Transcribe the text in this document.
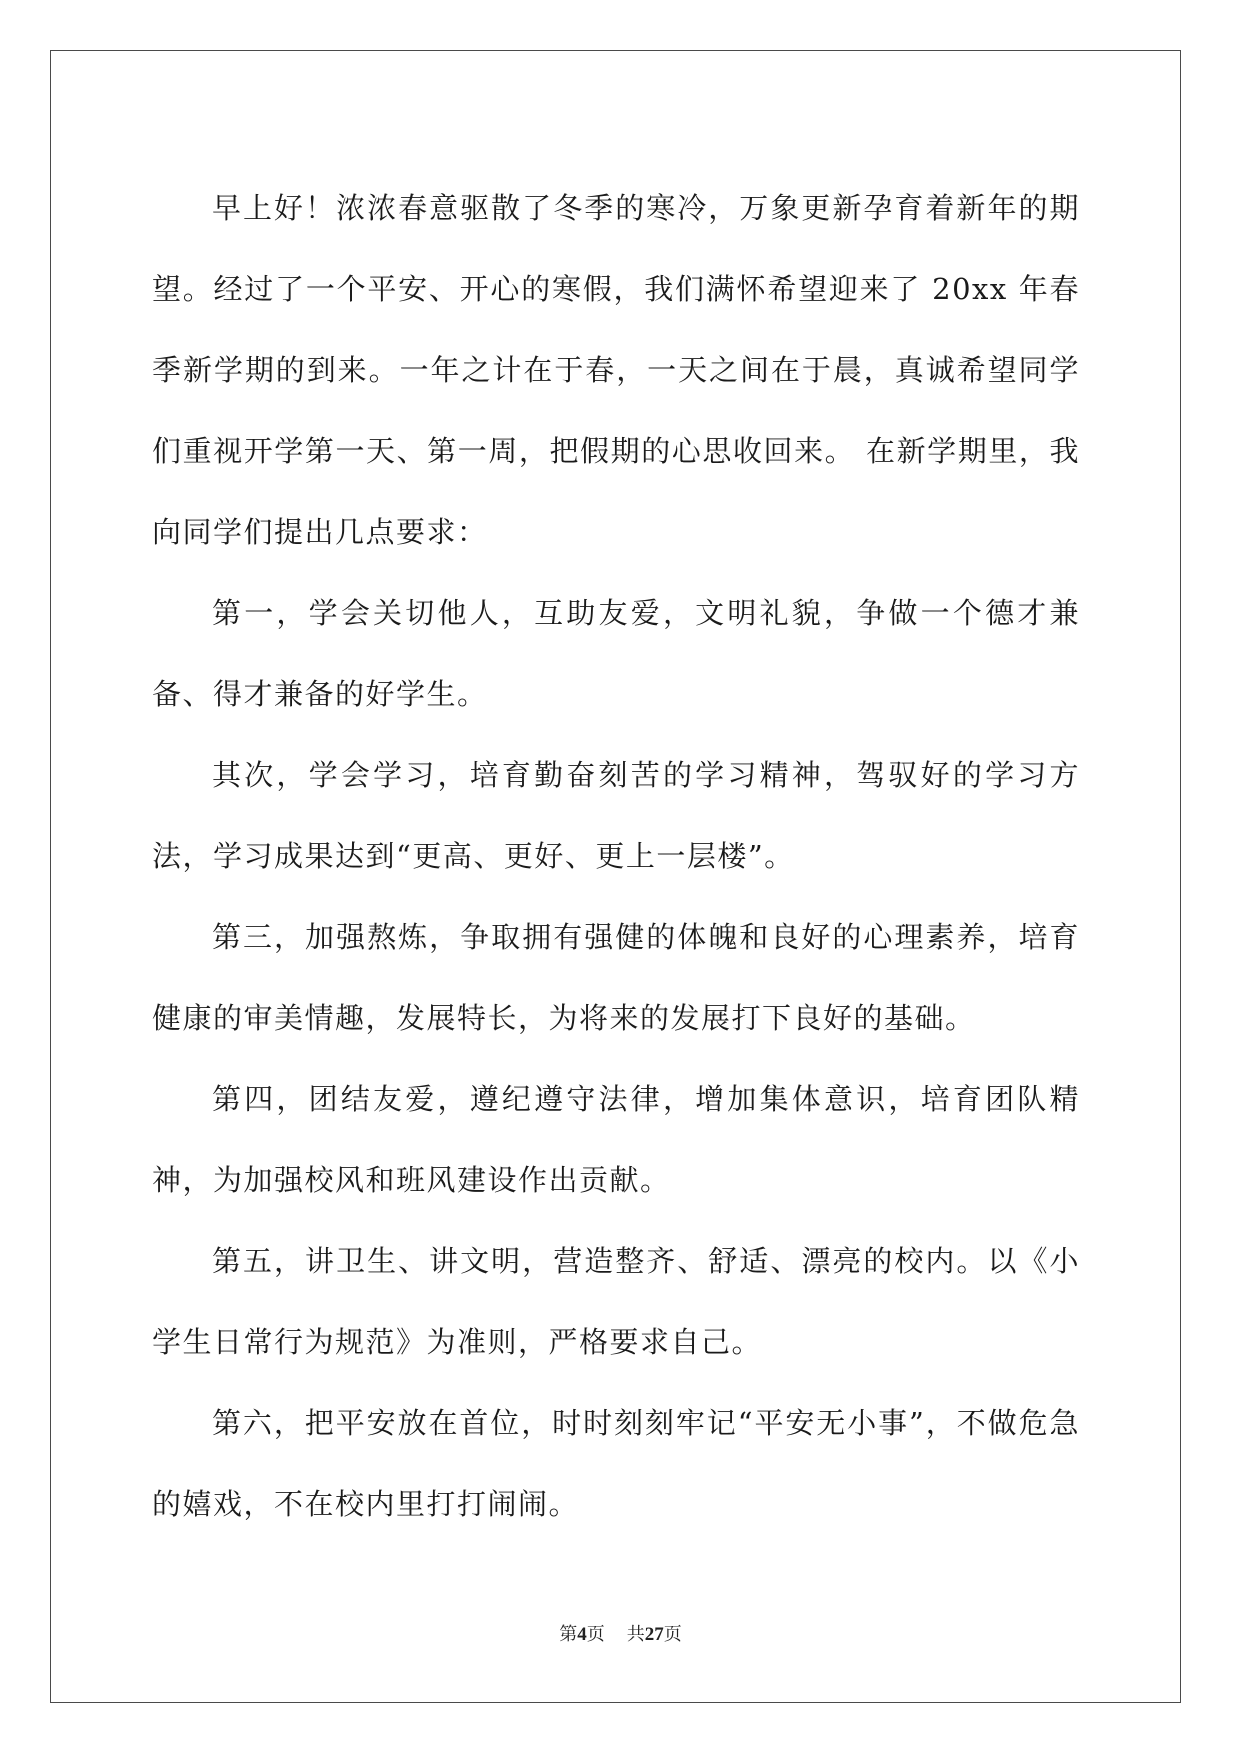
早上好！浓浓春意驱散了冬季的寒冷，万象更新孕育着新年的期望。经过了一个平安、开心的寒假，我们满怀希望迎来了 20xx 年春季新学期的到来。一年之计在于春，一天之间在于晨，真诚希望同学们重视开学第一天、第一周，把假期的心思收回来。 在新学期里，我向同学们提出几点要求：

第一，学会关切他人，互助友爱，文明礼貌，争做一个德才兼备、得才兼备的好学生。

其次，学会学习，培育勤奋刻苦的学习精神，驾驭好的学习方法，学习成果达到“更高、更好、更上一层楼”。

第三，加强熬炼，争取拥有强健的体魄和良好的心理素养，培育健康的审美情趣，发展特长，为将来的发展打下良好的基础。

第四，团结友爱，遵纪遵守法律，增加集体意识，培育团队精神，为加强校风和班风建设作出贡献。

第五，讲卫生、讲文明，营造整齐、舒适、漂亮的校内。以《小学生日常行为规范》为准则，严格要求自己。

第六，把平安放在首位，时时刻刻牢记“平安无小事”，不做危急的嬉戏，不在校内里打打闹闹。

第4页 共27页
